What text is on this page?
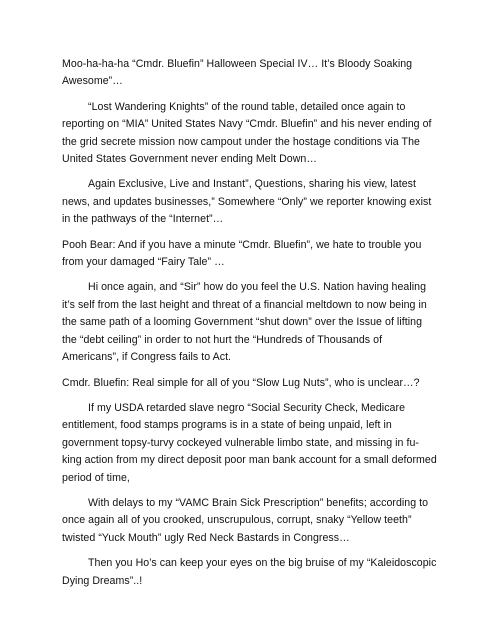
Moo-ha-ha-ha “Cmdr. Bluefin” Halloween Special IV… It’s Bloody Soaking Awesome”…

“Lost Wandering Knights” of the round table, detailed once again to reporting on “MIA” United States Navy “Cmdr. Bluefin” and his never ending of the grid secrete mission now campout under the hostage conditions via The United States Government never ending Melt Down…

Again Exclusive, Live and Instant”, Questions, sharing his view, latest news, and updates businesses,” Somewhere “Only” we reporter knowing exist in the pathways of the “Internet”…

Pooh Bear: And if you have a minute “Cmdr. Bluefin”, we hate to trouble you from your damaged “Fairy Tale” …

Hi once again, and “Sir” how do you feel the U.S. Nation having healing it’s self from the last height and threat of a financial meltdown to now being in the same path of a looming Government “shut down” over the Issue of lifting the “debt ceiling” in order to not hurt the “Hundreds of Thousands of Americans”, if Congress fails to Act.

Cmdr. Bluefin: Real simple for all of you “Slow Lug Nuts”, who is unclear…?

If my USDA retarded slave negro “Social Security Check, Medicare entitlement, food stamps programs is in a state of being unpaid, left in government topsy-turvy cockeyed vulnerable limbo state, and missing in fu-king action from my direct deposit poor man bank account for a small deformed period of time,

With delays to my “VAMC Brain Sick Prescription” benefits; according to once again all of you crooked, unscrupulous, corrupt, snaky “Yellow teeth” twisted “Yuck Mouth” ugly Red Neck Bastards in Congress…

Then you Ho’s can keep your eyes on the big bruise of my “Kaleidoscopic Dying Dreams”..!
